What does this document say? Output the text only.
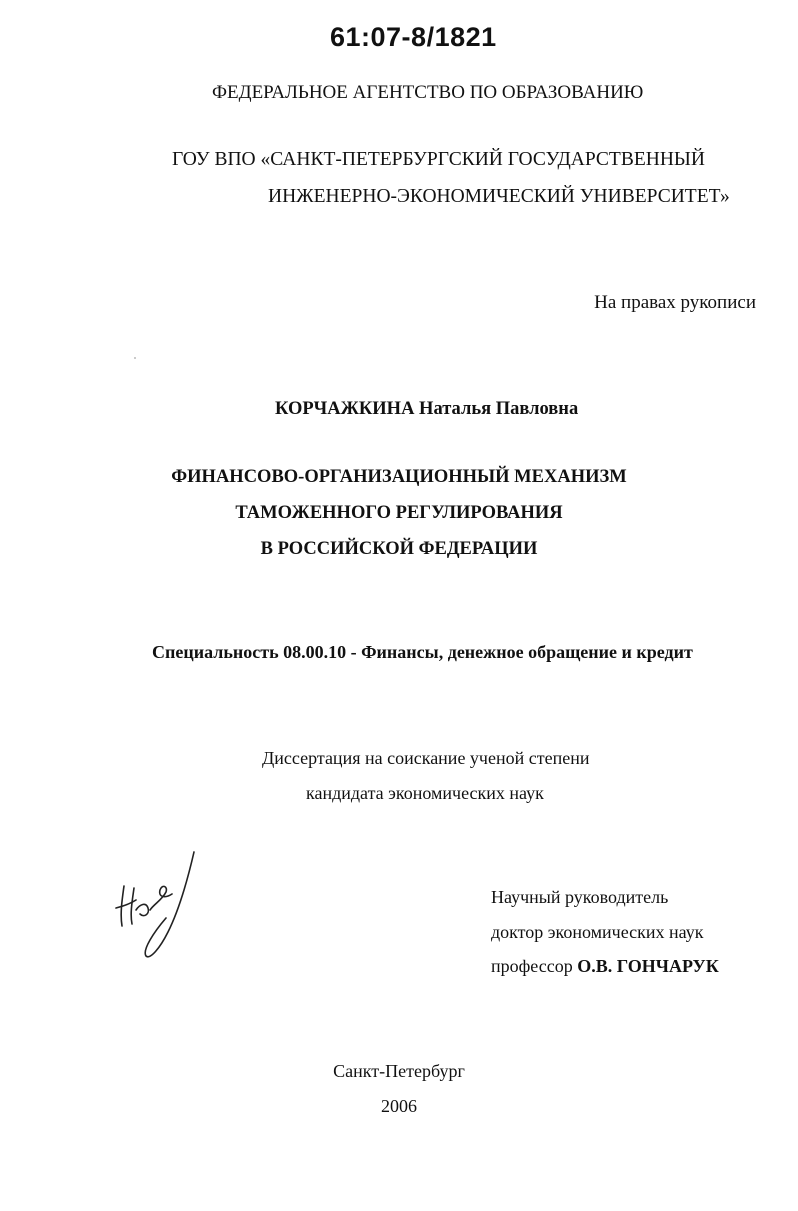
61:07-8/1821
ФЕДЕРАЛЬНОЕ АГЕНТСТВО ПО ОБРАЗОВАНИЮ
ГОУ ВПО «САНКТ-ПЕТЕРБУРГСКИЙ ГОСУДАРСТВЕННЫЙ
ИНЖЕНЕРНО-ЭКОНОМИЧЕСКИЙ УНИВЕРСИТЕТ»
На правах рукописи
КОРЧАЖКИНА Наталья Павловна
ФИНАНСОВО-ОРГАНИЗАЦИОННЫЙ МЕХАНИЗМ
ТАМОЖЕННОГО РЕГУЛИРОВАНИЯ
В РОССИЙСКОЙ ФЕДЕРАЦИИ
Специальность 08.00.10 - Финансы, денежное обращение и кредит
Диссертация на соискание ученой степени
кандидата экономических наук
Научный руководитель
доктор экономических наук
профессор О.В. ГОНЧАРУК
Санкт-Петербург
2006
